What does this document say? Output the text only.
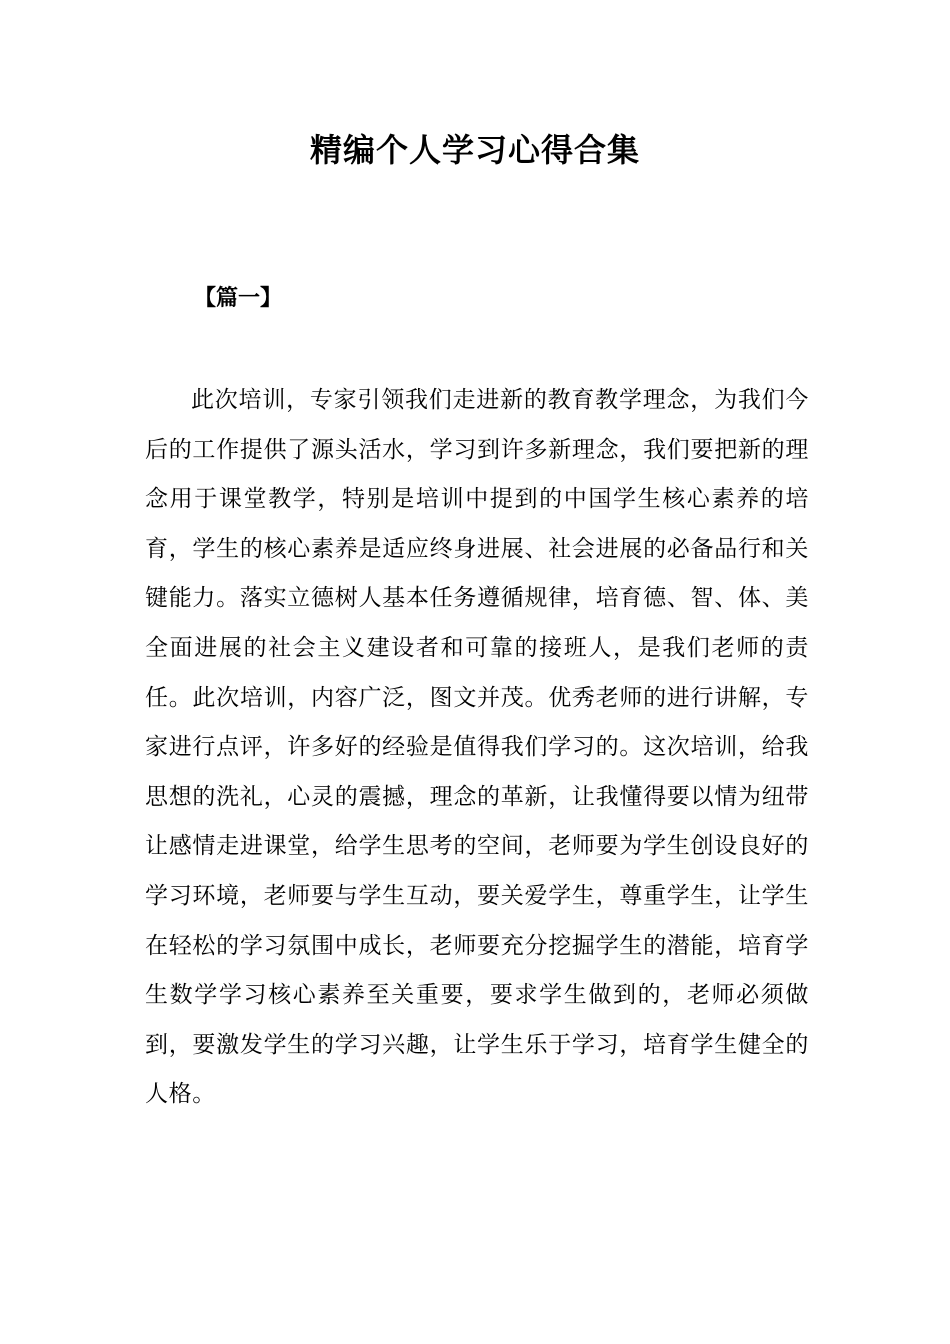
精编个人学习心得合集
【篇一】

此次培训，专家引领我们走进新的教育教学理念，为我们今后的工作提供了源头活水，学习到许多新理念，我们要把新的理念用于课堂教学，特别是培训中提到的中国学生核心素养的培育，学生的核心素养是适应终身进展、社会进展的必备品行和关键能力。落实立德树人基本任务遵循规律，培育德、智、体、美全面进展的社会主义建设者和可靠的接班人，是我们老师的责任。此次培训，内容广泛，图文并茂。优秀老师的进行讲解，专家进行点评，许多好的经验是值得我们学习的。这次培训，给我思想的洗礼，心灵的震撼，理念的革新，让我懂得要以情为纽带让感情走进课堂，给学生思考的空间，老师要为学生创设良好的学习环境，老师要与学生互动，要关爱学生，尊重学生，让学生在轻松的学习氛围中成长，老师要充分挖掘学生的潜能，培育学生数学学习核心素养至关重要，要求学生做到的，老师必须做到，要激发学生的学习兴趣，让学生乐于学习，培育学生健全的人格。
